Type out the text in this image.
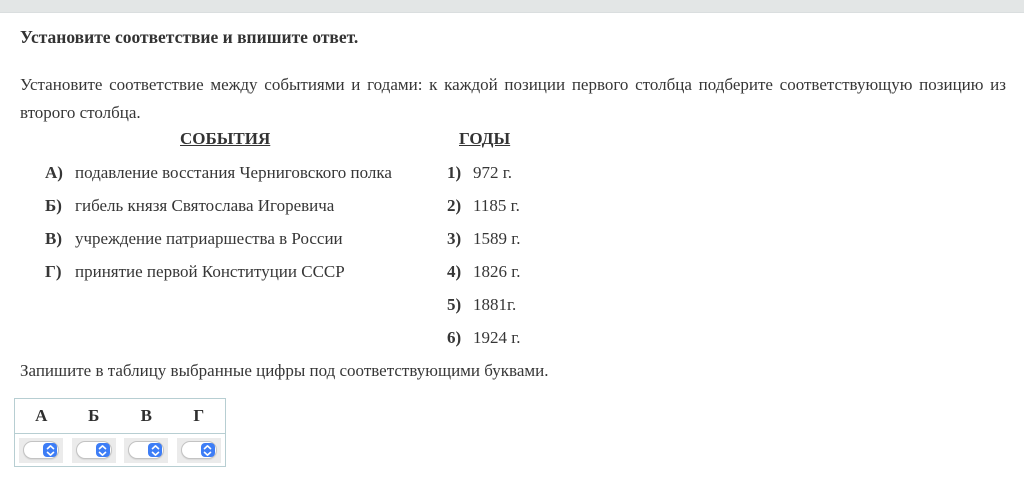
Установите соответствие и впишите ответ.
Установите соответствие между событиями и годами: к каждой позиции первого столбца подберите соответствующую позицию из второго столбца.
СОБЫТИЯ	ГОДЫ
А) подавление восстания Черниговского полка
Б) гибель князя Святослава Игоревича
В) учреждение патриаршества в России
Г) принятие первой Конституции СССР
1) 972 г.
2) 1185 г.
3) 1589 г.
4) 1826 г.
5) 1881г.
6) 1924 г.
Запишите в таблицу выбранные цифры под соответствующими буквами.
А	Б	В	Г
